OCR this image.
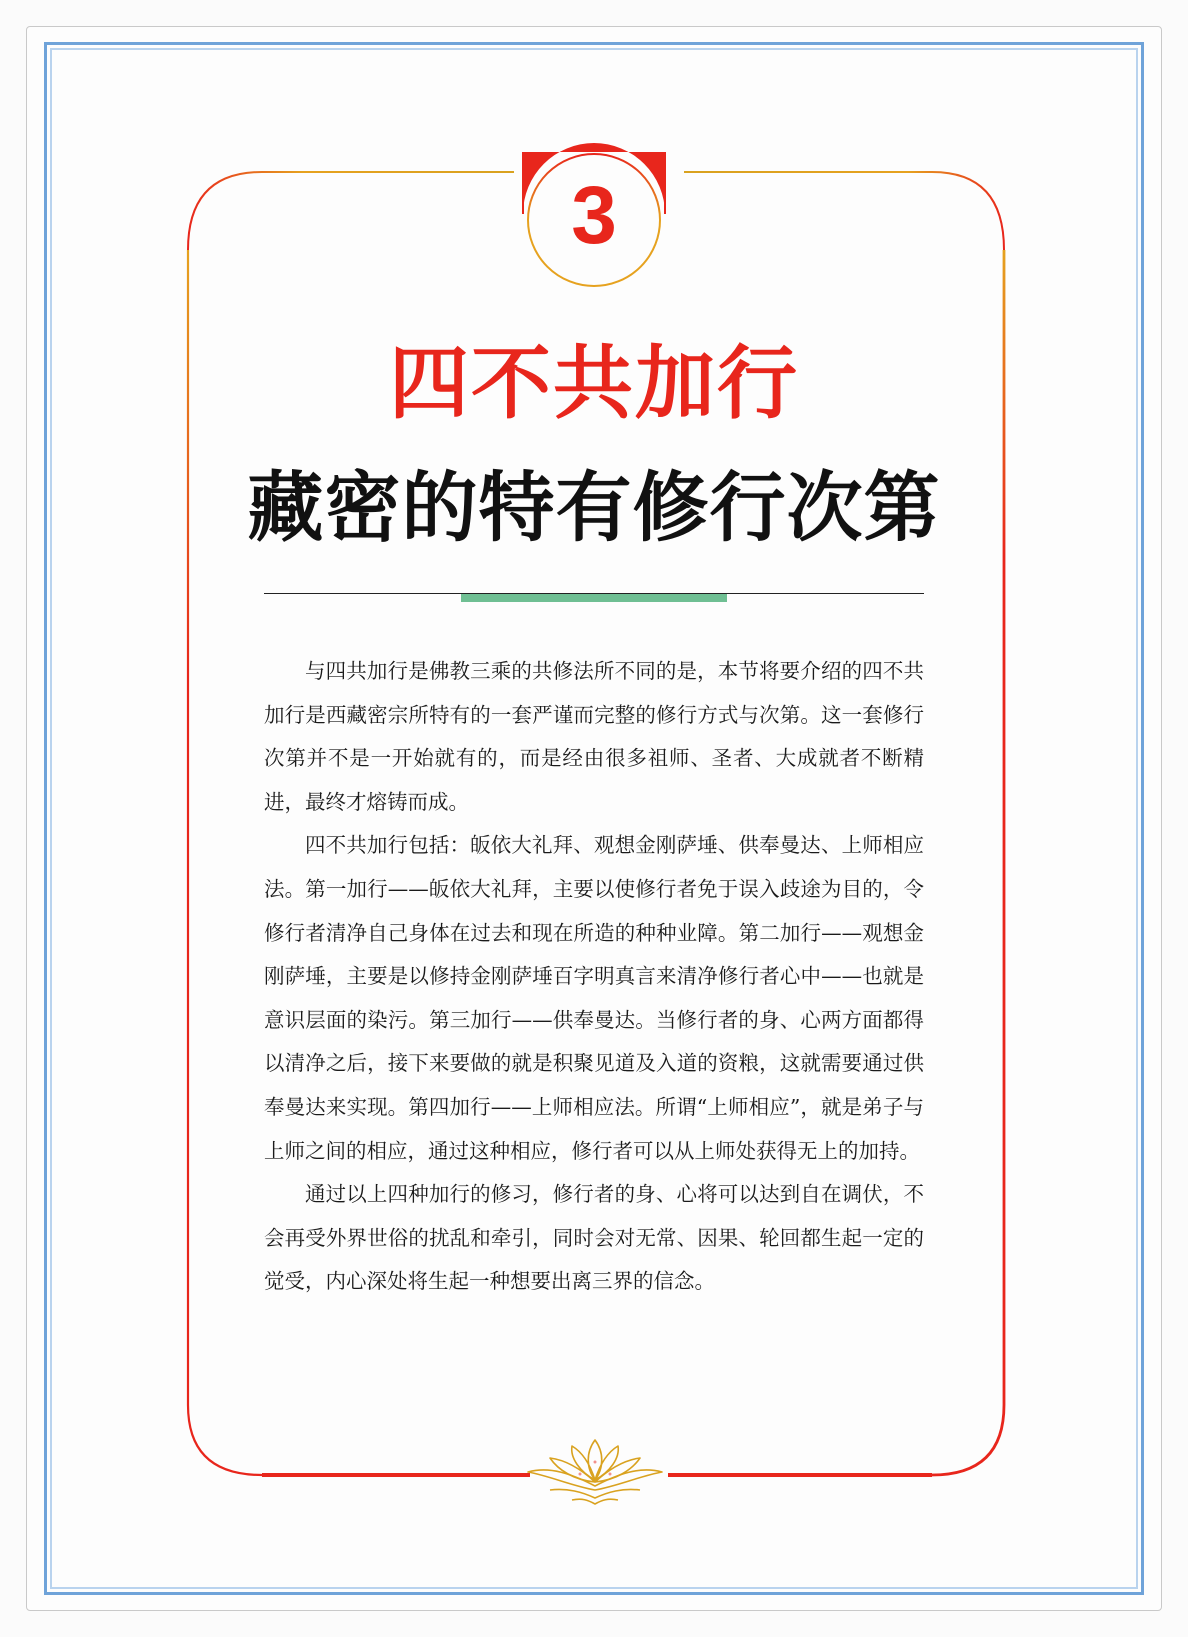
3
四不共加行
藏密的特有修行次第

与四共加行是佛教三乘的共修法所不同的是，本节将要介绍的四不共加行是西藏密宗所特有的一套严谨而完整的修行方式与次第。这一套修行次第并不是一开始就有的，而是经由很多祖师、圣者、大成就者不断精进，最终才熔铸而成。

四不共加行包括：皈依大礼拜、观想金刚萨埵、供奉曼达、上师相应法。第一加行——皈依大礼拜，主要以使修行者免于误入歧途为目的，令修行者清净自己身体在过去和现在所造的种种业障。第二加行——观想金刚萨埵，主要是以修持金刚萨埵百字明真言来清净修行者心中——也就是意识层面的染污。第三加行——供奉曼达。当修行者的身、心两方面都得以清净之后，接下来要做的就是积聚见道及入道的资粮，这就需要通过供奉曼达来实现。第四加行——上师相应法。所谓“上师相应”，就是弟子与上师之间的相应，通过这种相应，修行者可以从上师处获得无上的加持。

通过以上四种加行的修习，修行者的身、心将可以达到自在调伏，不会再受外界世俗的扰乱和牵引，同时会对无常、因果、轮回都生起一定的觉受，内心深处将生起一种想要出离三界的信念。
